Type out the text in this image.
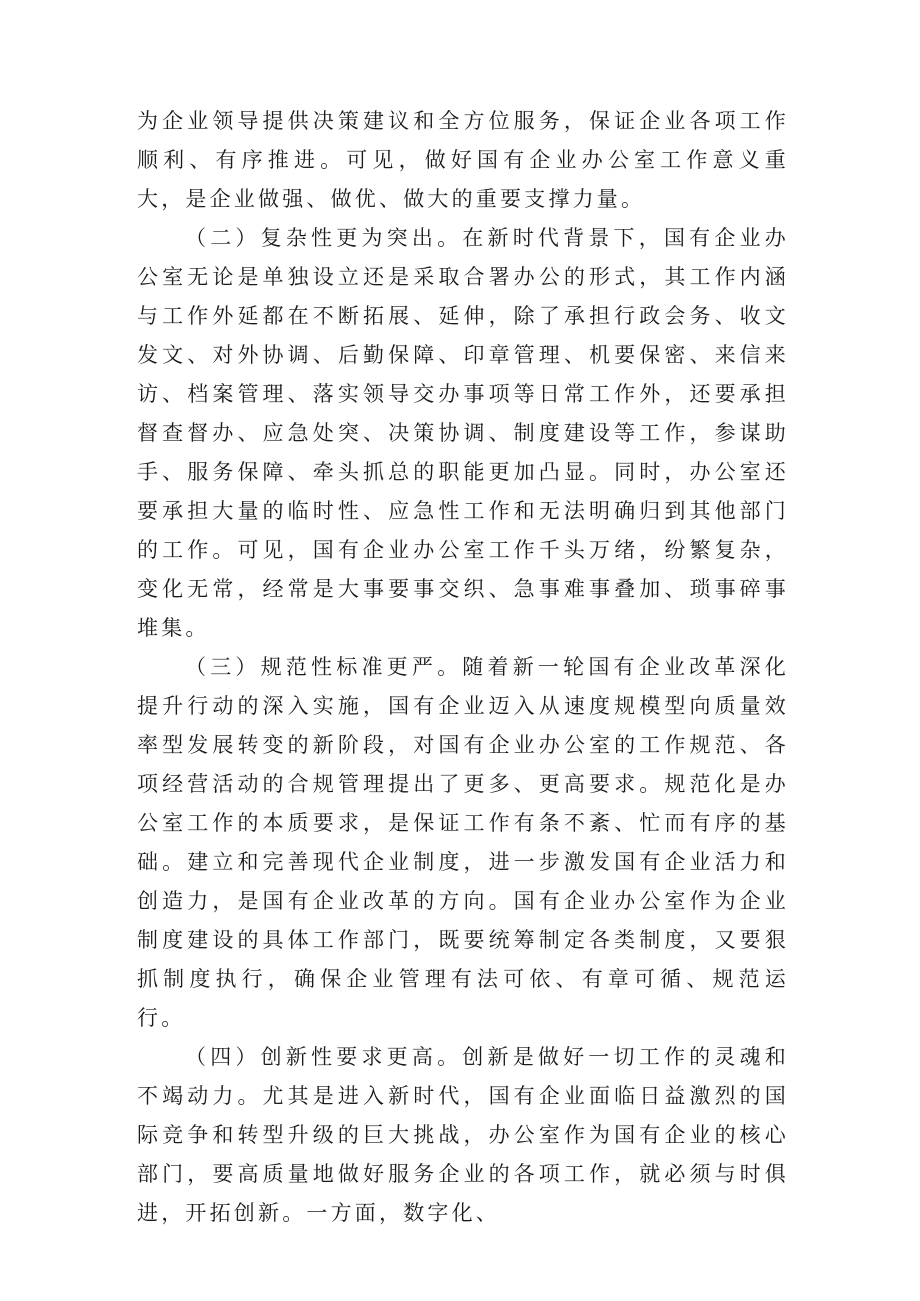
为企业领导提供决策建议和全方位服务，保证企业各项工作顺利、有序推进。可见，做好国有企业办公室工作意义重大，是企业做强、做优、做大的重要支撑力量。

（二）复杂性更为突出。在新时代背景下，国有企业办公室无论是单独设立还是采取合署办公的形式，其工作内涵与工作外延都在不断拓展、延伸，除了承担行政会务、收文发文、对外协调、后勤保障、印章管理、机要保密、来信来访、档案管理、落实领导交办事项等日常工作外，还要承担督查督办、应急处突、决策协调、制度建设等工作，参谋助手、服务保障、牵头抓总的职能更加凸显。同时，办公室还要承担大量的临时性、应急性工作和无法明确归到其他部门的工作。可见，国有企业办公室工作千头万绪，纷繁复杂，变化无常，经常是大事要事交织、急事难事叠加、琐事碎事堆集。

（三）规范性标准更严。随着新一轮国有企业改革深化提升行动的深入实施，国有企业迈入从速度规模型向质量效率型发展转变的新阶段，对国有企业办公室的工作规范、各项经营活动的合规管理提出了更多、更高要求。规范化是办公室工作的本质要求，是保证工作有条不紊、忙而有序的基础。建立和完善现代企业制度，进一步激发国有企业活力和创造力，是国有企业改革的方向。国有企业办公室作为企业制度建设的具体工作部门，既要统筹制定各类制度，又要狠抓制度执行，确保企业管理有法可依、有章可循、规范运行。

（四）创新性要求更高。创新是做好一切工作的灵魂和不竭动力。尤其是进入新时代，国有企业面临日益激烈的国际竞争和转型升级的巨大挑战，办公室作为国有企业的核心部门，要高质量地做好服务企业的各项工作，就必须与时俱进，开拓创新。一方面，数字化、
